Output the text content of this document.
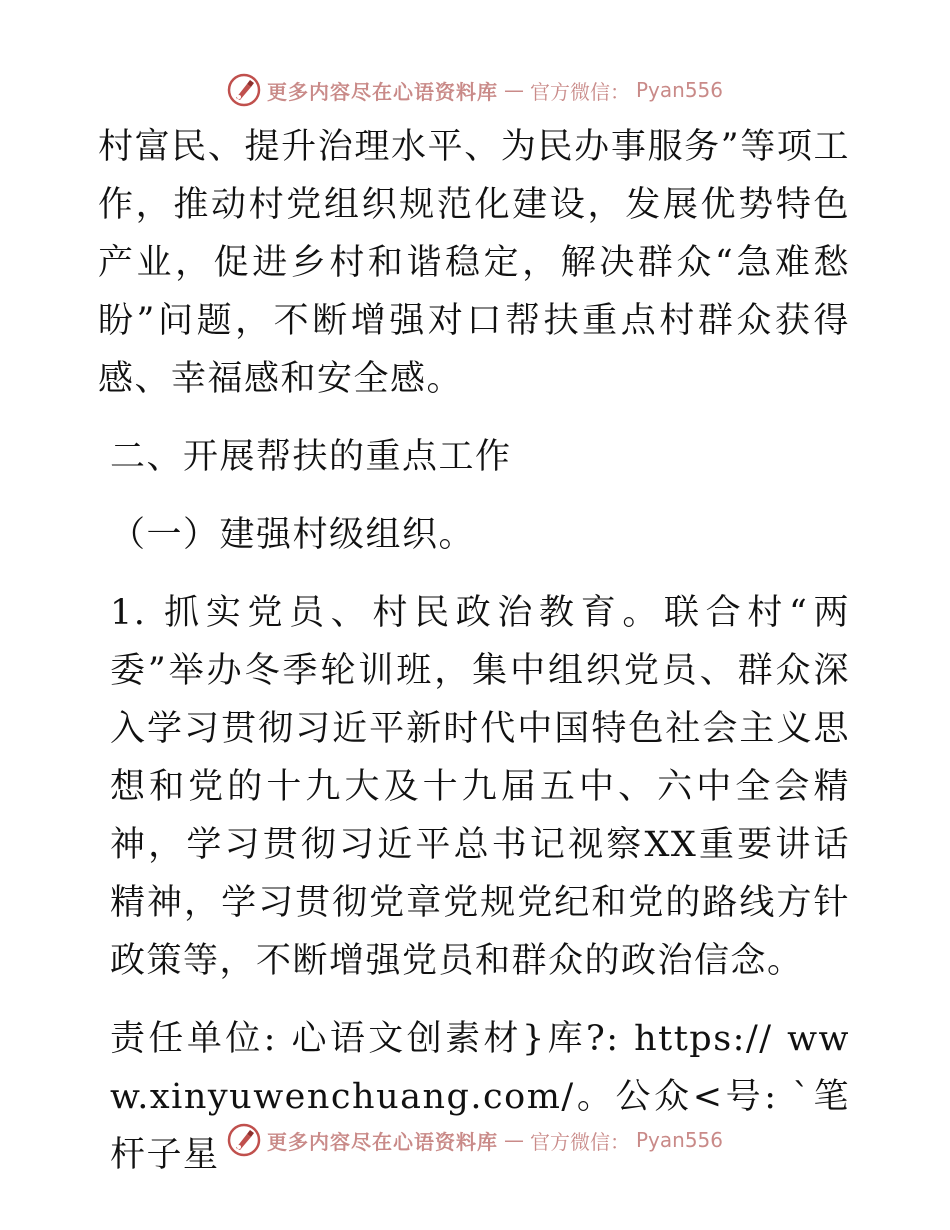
更多内容尽在心语资料库 — 官方微信： Pyan556

村富民、提升治理水平、为民办事服务”等项工作，推动村党组织规范化建设，发展优势特色产业，促进乡村和谐稳定，解决群众“急难愁盼”问题，不断增强对口帮扶重点村群众获得感、幸福感和安全感。

二、开展帮扶的重点工作

（一）建强村级组织。

1. 抓实党员、村民政治教育。联合村“两委”举办冬季轮训班，集中组织党员、群众深入学习贯彻习近平新时代中国特色社会主义思想和党的十九大及十九届五中、六中全会精神，学习贯彻习近平总书记视察XX重要讲话精神，学习贯彻党章党规党纪和党的路线方针政策等，不断增强党员和群众的政治信念。

责任单位: 心语文创素材}库?: https:// www.xinyuwenchuang.com/。公众<号: `笔杆子星	更多内容尽在心语资料库 — 官方微信： Pyan556
